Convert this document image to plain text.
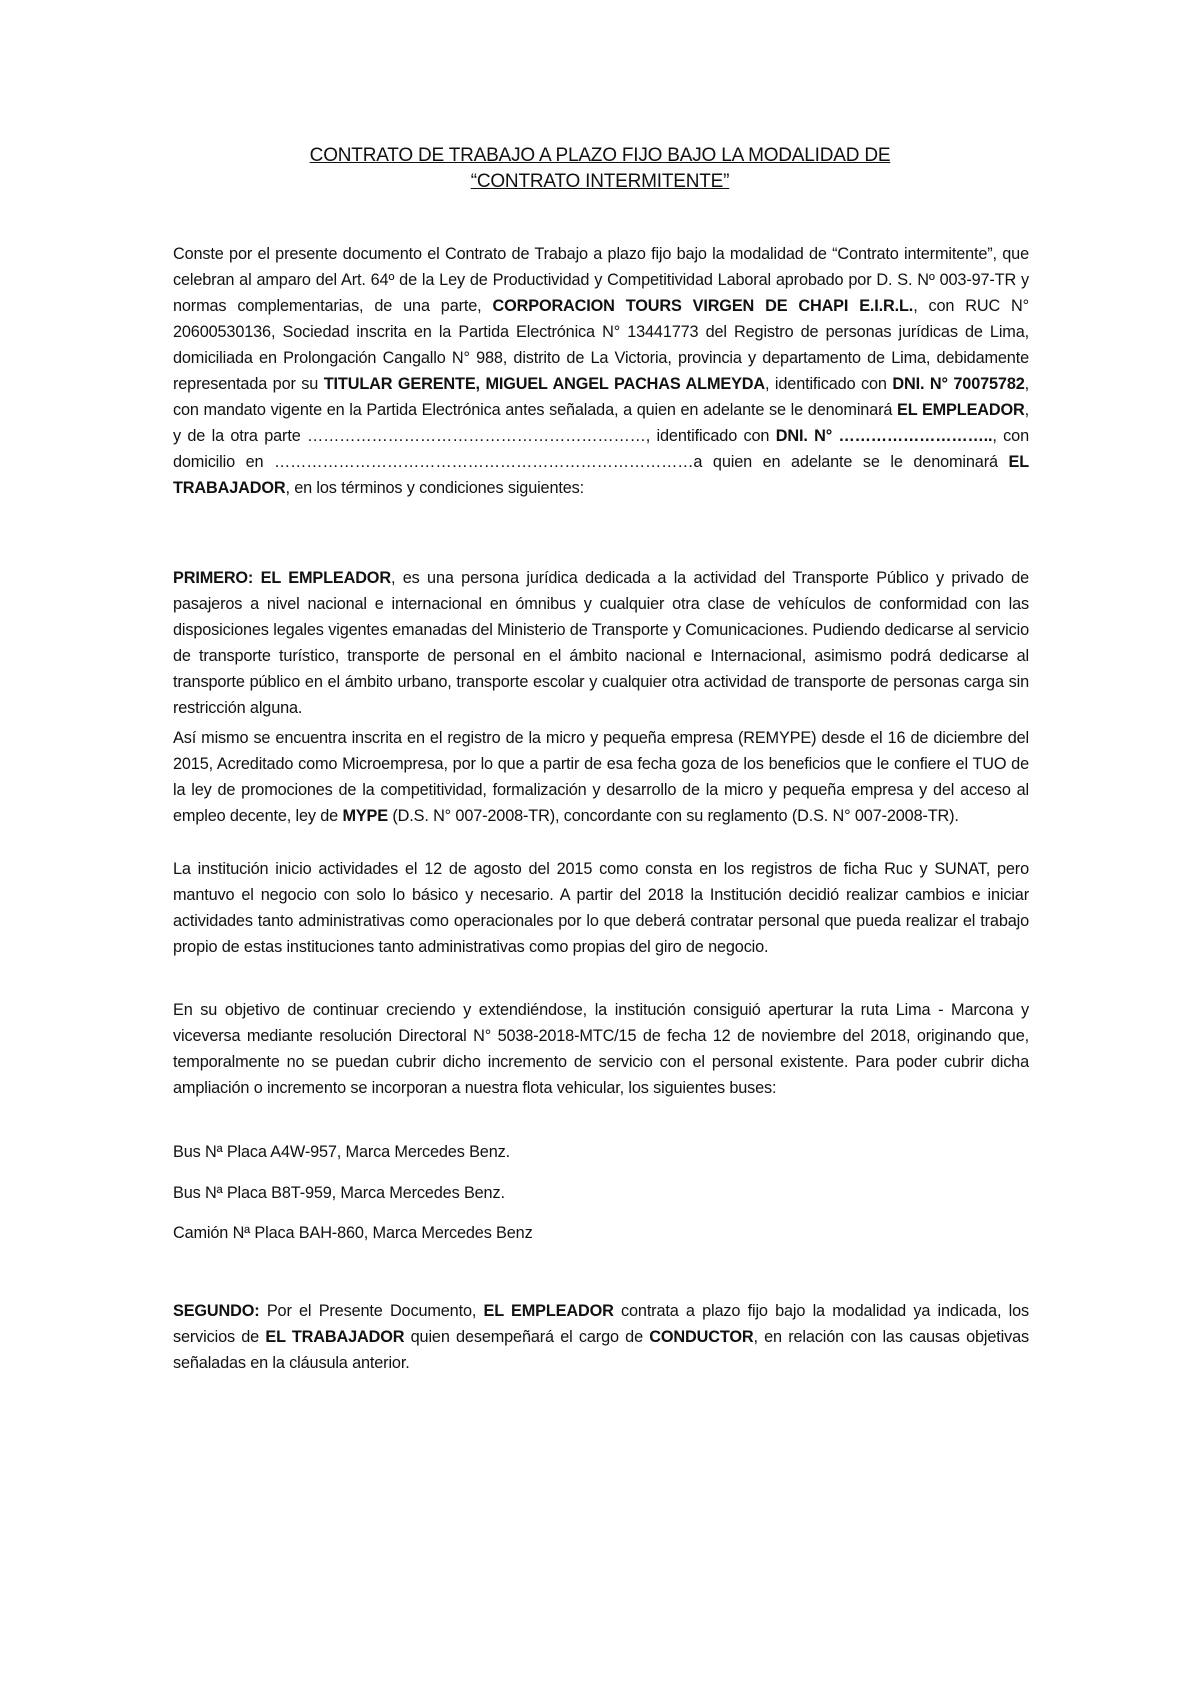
CONTRATO DE TRABAJO A PLAZO FIJO BAJO LA MODALIDAD DE
“CONTRATO INTERMITENTE”

Conste por el presente documento el Contrato de Trabajo a plazo fijo bajo la modalidad de “Contrato intermitente”, que celebran al amparo del Art. 64º de la Ley de Productividad y Competitividad Laboral aprobado por D. S. Nº 003-97-TR y normas complementarias, de una parte, CORPORACION TOURS VIRGEN DE CHAPI E.I.R.L., con RUC N° 20600530136, Sociedad inscrita en la Partida Electrónica N° 13441773 del Registro de personas jurídicas de Lima, domiciliada en Prolongación Cangallo N° 988, distrito de La Victoria, provincia y departamento de Lima, debidamente representada por su TITULAR GERENTE, MIGUEL ANGEL PACHAS ALMEYDA, identificado con DNI. N° 70075782, con mandato vigente en la Partida Electrónica antes señalada, a quien en adelante se le denominará EL EMPLEADOR, y de la otra parte ………………………………………………………, identificado con DNI. N° ……………………….., con domicilio en ……………………………………………………………………a quien en adelante se le denominará EL TRABAJADOR, en los términos y condiciones siguientes:

PRIMERO: EL EMPLEADOR, es una persona jurídica dedicada a la actividad del Transporte Público y privado de pasajeros a nivel nacional e internacional en ómnibus y cualquier otra clase de vehículos de conformidad con las disposiciones legales vigentes emanadas del Ministerio de Transporte y Comunicaciones. Pudiendo dedicarse al servicio de transporte turístico, transporte de personal en el ámbito nacional e Internacional, asimismo podrá dedicarse al transporte público en el ámbito urbano, transporte escolar y cualquier otra actividad de transporte de personas carga sin restricción alguna.

Así mismo se encuentra inscrita en el registro de la micro y pequeña empresa (REMYPE) desde el 16 de diciembre del 2015, Acreditado como Microempresa, por lo que a partir de esa fecha goza de los beneficios que le confiere el TUO de la ley de promociones de la competitividad, formalización y desarrollo de la micro y pequeña empresa y del acceso al empleo decente, ley de MYPE (D.S. N° 007-2008-TR), concordante con su reglamento (D.S. N° 007-2008-TR).

La institución inicio actividades el 12 de agosto del 2015 como consta en los registros de ficha Ruc y SUNAT, pero mantuvo el negocio con solo lo básico y necesario. A partir del 2018 la Institución decidió realizar cambios e iniciar actividades tanto administrativas como operacionales por lo que deberá contratar personal que pueda realizar el trabajo propio de estas instituciones tanto administrativas como propias del giro de negocio.

En su objetivo de continuar creciendo y extendiéndose, la institución consiguió aperturar la ruta Lima - Marcona y viceversa mediante resolución Directoral N° 5038-2018-MTC/15 de fecha 12 de noviembre del 2018, originando que, temporalmente no se puedan cubrir dicho incremento de servicio con el personal existente. Para poder cubrir dicha ampliación o incremento se incorporan a nuestra flota vehicular, los siguientes buses:

Bus Nª Placa A4W-957, Marca Mercedes Benz.

Bus Nª Placa B8T-959, Marca Mercedes Benz.

Camión Nª Placa BAH-860, Marca Mercedes Benz

SEGUNDO: Por el Presente Documento, EL EMPLEADOR contrata a plazo fijo bajo la modalidad ya indicada, los servicios de EL TRABAJADOR quien desempeñará el cargo de CONDUCTOR, en relación con las causas objetivas señaladas en la cláusula anterior.
